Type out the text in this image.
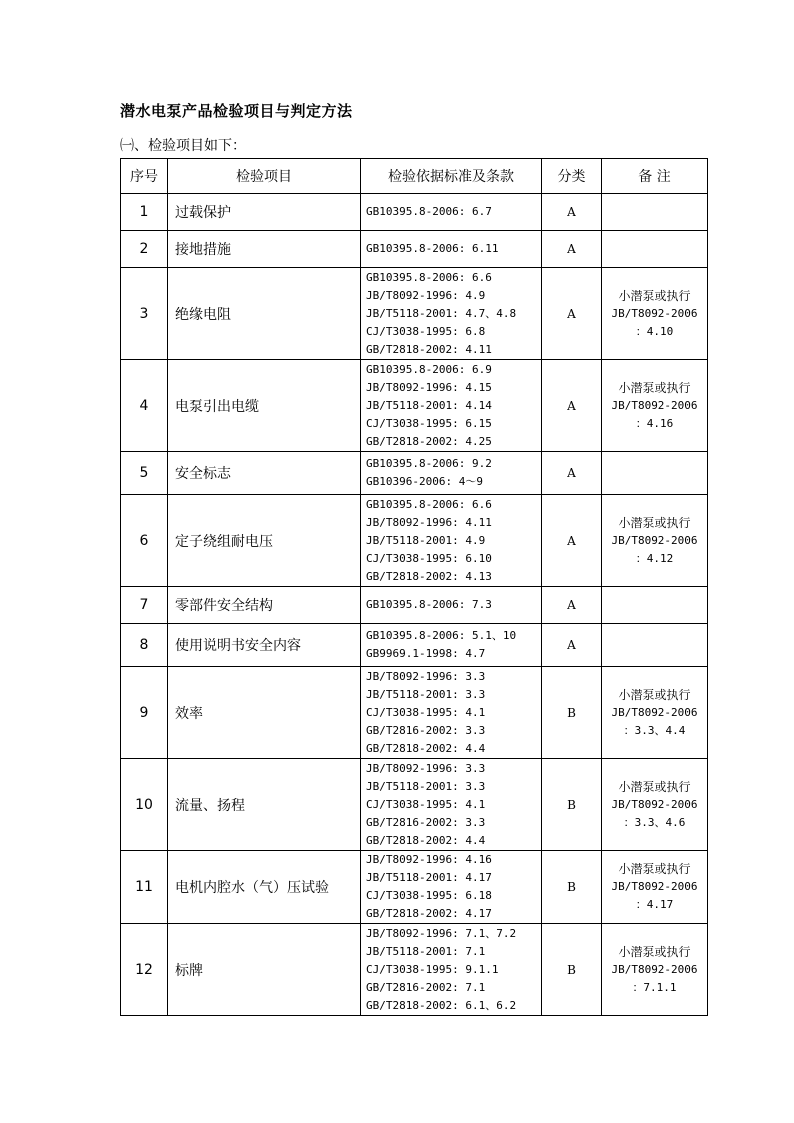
潜水电泵产品检验项目与判定方法
㈠、检验项目如下：
序号	检验项目	检验依据标准及条款	分类	备 注
1	过载保护	GB10395.8-2006: 6.7	A	
2	接地措施	GB10395.8-2006: 6.11	A	
3	绝缘电阻	GB10395.8-2006: 6.6
JB/T8092-1996: 4.9
JB/T5118-2001: 4.7、4.8
CJ/T3038-1995: 6.8
GB/T2818-2002: 4.11	A	小潜泵或执行
JB/T8092-2006
：4.10

4	电泵引出电缆	GB10395.8-2006: 6.9
JB/T8092-1996: 4.15
JB/T5118-2001: 4.14
CJ/T3038-1995: 6.15
GB/T2818-2002: 4.25	A	小潜泵或执行
JB/T8092-2006
：4.16

5	安全标志	GB10395.8-2006: 9.2
GB10396-2006: 4～9	A	
6	定子绕组耐电压	GB10395.8-2006: 6.6
JB/T8092-1996: 4.11
JB/T5118-2001: 4.9
CJ/T3038-1995: 6.10
GB/T2818-2002: 4.13	A	小潜泵或执行
JB/T8092-2006
：4.12

7	零部件安全结构	GB10395.8-2006: 7.3	A	
8	使用说明书安全内容	GB10395.8-2006: 5.1、10
GB9969.1-1998: 4.7	A	
9	效率	JB/T8092-1996: 3.3
JB/T5118-2001: 3.3
CJ/T3038-1995: 4.1
GB/T2816-2002: 3.3
GB/T2818-2002: 4.4	B	小潜泵或执行
JB/T8092-2006
：3.3、4.4

10	流量、扬程	JB/T8092-1996: 3.3
JB/T5118-2001: 3.3
CJ/T3038-1995: 4.1
GB/T2816-2002: 3.3
GB/T2818-2002: 4.4	B	小潜泵或执行
JB/T8092-2006
：3.3、4.6

11	电机内腔水（气）压试验	JB/T8092-1996: 4.16
JB/T5118-2001: 4.17
CJ/T3038-1995: 6.18
GB/T2818-2002: 4.17	B	小潜泵或执行
JB/T8092-2006
：4.17

12	标牌	JB/T8092-1996: 7.1、7.2
JB/T5118-2001: 7.1
CJ/T3038-1995: 9.1.1
GB/T2816-2002: 7.1
GB/T2818-2002: 6.1、6.2	B	小潜泵或执行
JB/T8092-2006
：7.1.1
